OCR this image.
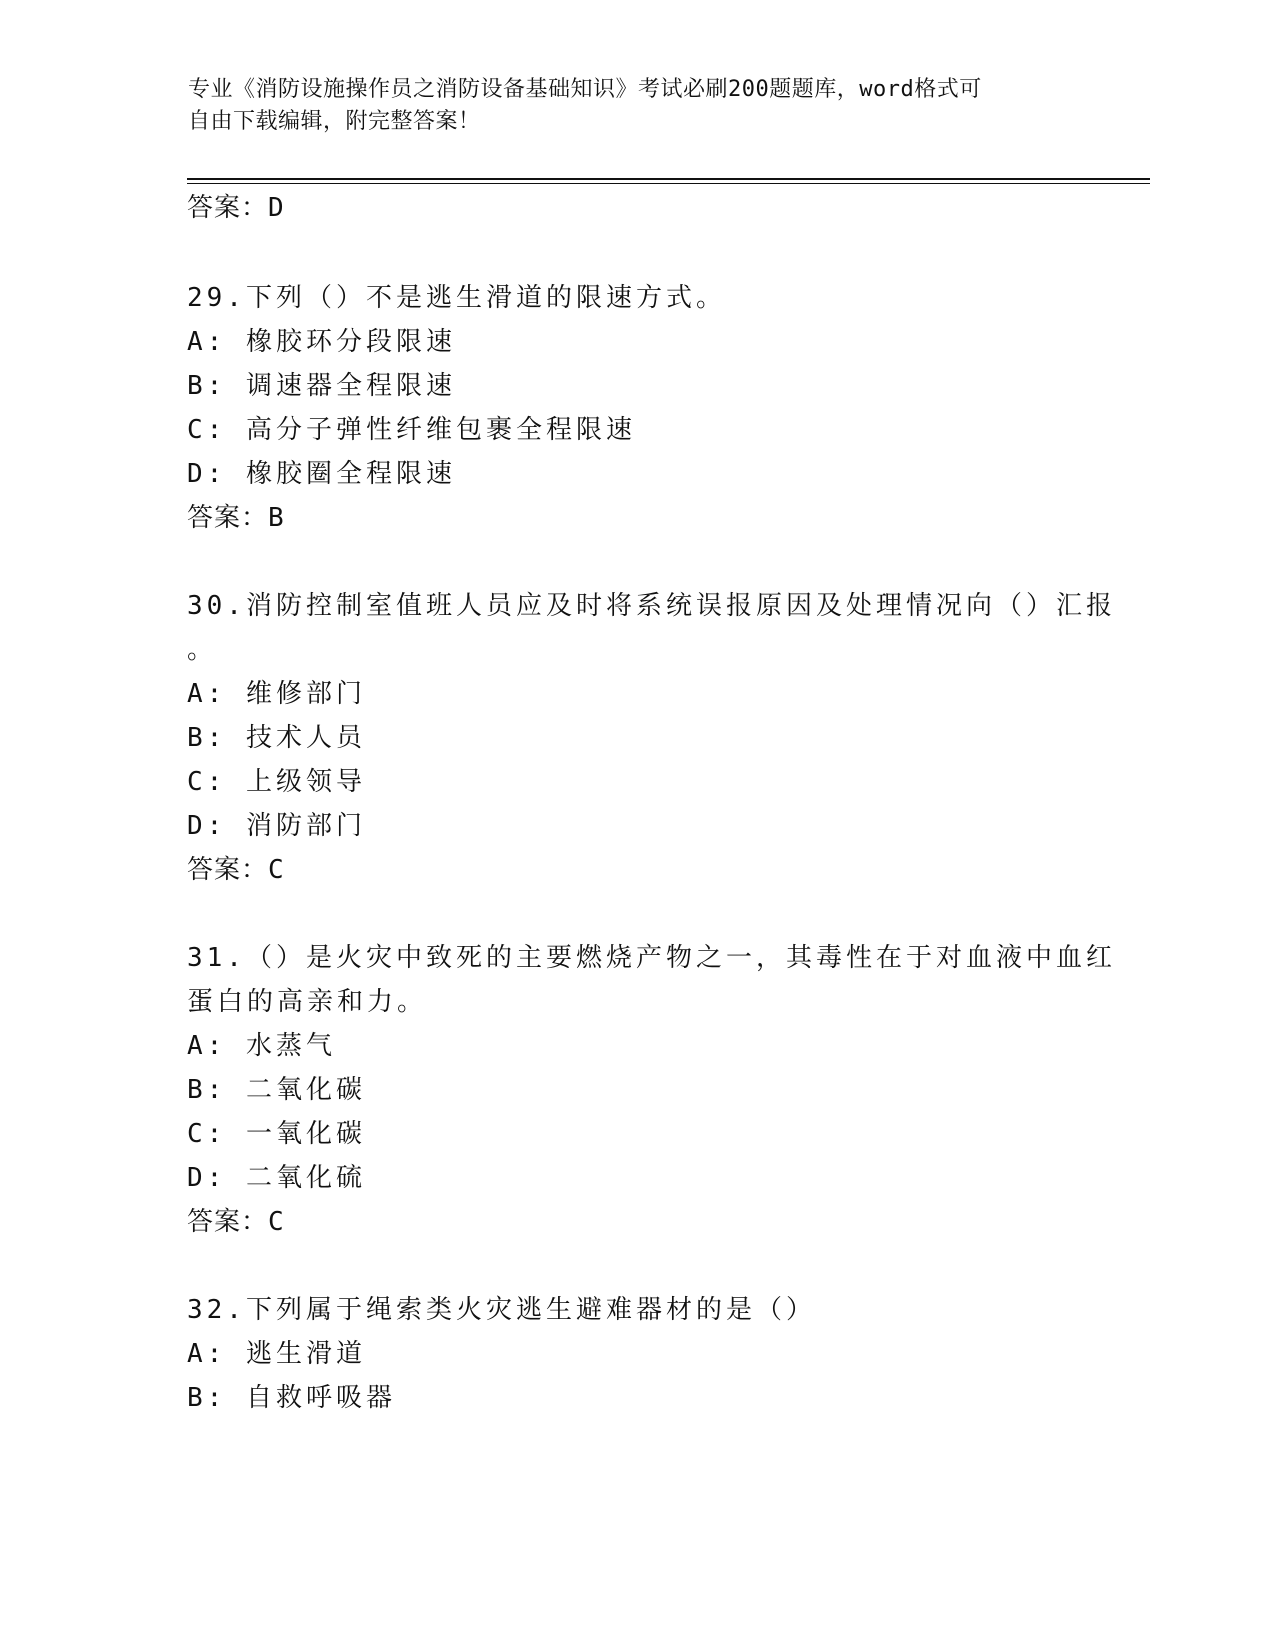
专业《消防设施操作员之消防设备基础知识》考试必刷200题题库，word格式可
自由下载编辑，附完整答案！
答案：D
29.下列（）不是逃生滑道的限速方式。
A: 橡胶环分段限速
B: 调速器全程限速
C: 高分子弹性纤维包裹全程限速
D: 橡胶圈全程限速
答案：B
30.消防控制室值班人员应及时将系统误报原因及处理情况向（）汇报
。
A: 维修部门
B: 技术人员
C: 上级领导
D: 消防部门
答案：C
31.（）是火灾中致死的主要燃烧产物之一，其毒性在于对血液中血红
蛋白的高亲和力。
A: 水蒸气
B: 二氧化碳
C: 一氧化碳
D: 二氧化硫
答案：C
32.下列属于绳索类火灾逃生避难器材的是（）
A: 逃生滑道
B: 自救呼吸器
